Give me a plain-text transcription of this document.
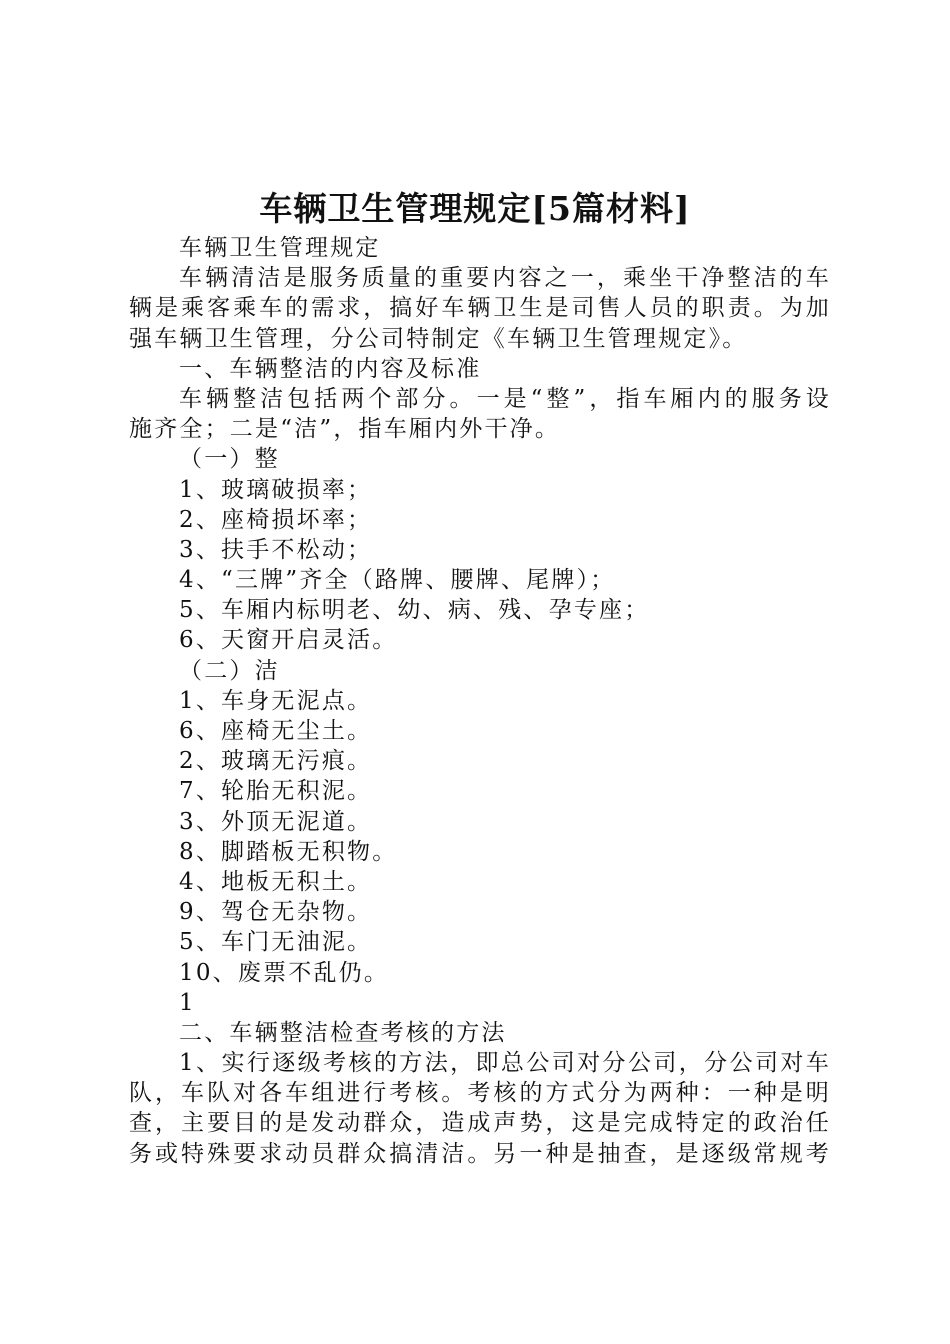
车辆卫生管理规定[5篇材料]
车辆卫生管理规定
车辆清洁是服务质量的重要内容之一，乘坐干净整洁的车
辆是乘客乘车的需求，搞好车辆卫生是司售人员的职责。为加
强车辆卫生管理，分公司特制定《车辆卫生管理规定》。
一、车辆整洁的内容及标准
车辆整洁包括两个部分。一是“整”，指车厢内的服务设
施齐全；二是“洁”，指车厢内外干净。
（一）整
1、玻璃破损率；
2、座椅损坏率；
3、扶手不松动；
4、“三牌”齐全（路牌、腰牌、尾牌）；
5、车厢内标明老、幼、病、残、孕专座；
6、天窗开启灵活。
（二）洁
1、车身无泥点。
6、座椅无尘土。
2、玻璃无污痕。
7、轮胎无积泥。
3、外顶无泥道。
8、脚踏板无积物。
4、地板无积土。
9、驾仓无杂物。
5、车门无油泥。
10、废票不乱仍。
1
二、车辆整洁检查考核的方法
1、实行逐级考核的方法，即总公司对分公司，分公司对车
队，车队对各车组进行考核。考核的方式分为两种：一种是明
查，主要目的是发动群众，造成声势，这是完成特定的政治任
务或特殊要求动员群众搞清洁。另一种是抽查，是逐级常规考
